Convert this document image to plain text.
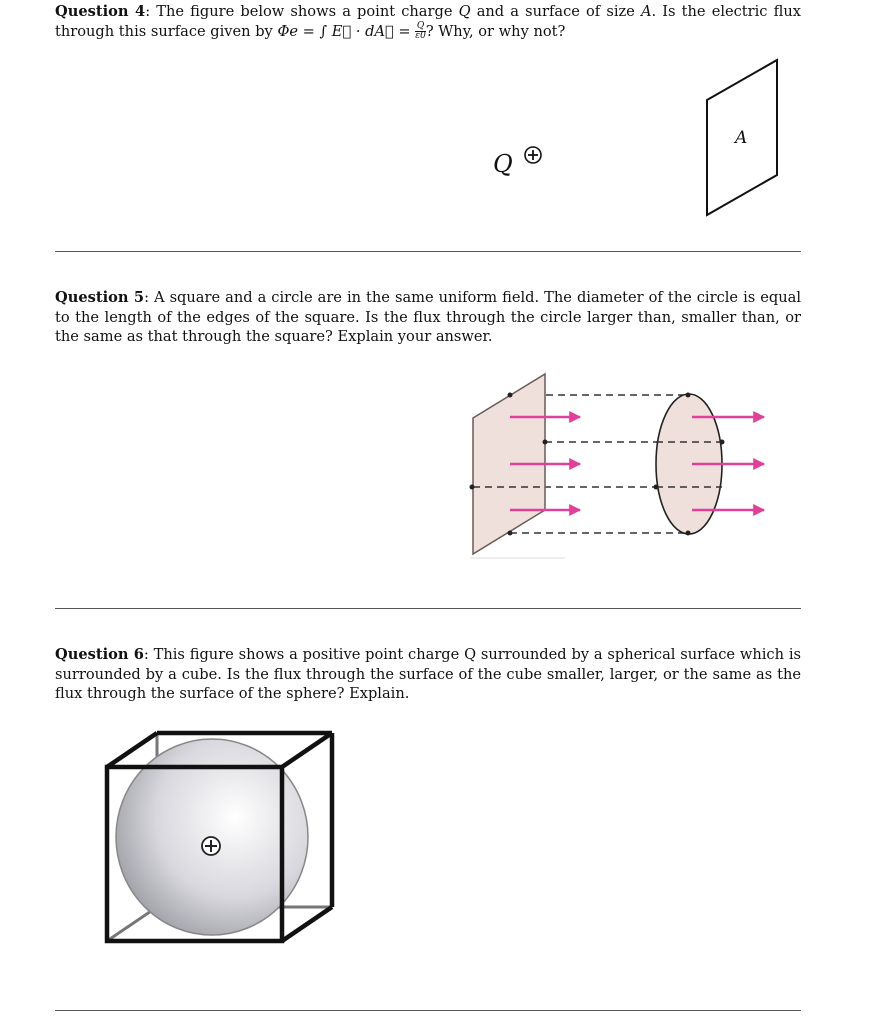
Question 4: The figure below shows a point charge Q and a surface of size A. Is the electric flux through this surface given by Φe = ∫ E⃗ · dA⃗ = $\frac{Q}{\varepsilon 0}$ ? Why, or why not?
Q
A
Question 5: A square and a circle are in the same uniform field. The diameter of the circle is equal to the length of the edges of the square. Is the flux through the circle larger than, smaller than, or the same as that through the square? Explain your answer.
Question 6: This figure shows a positive point charge Q surrounded by a spherical surface which is surrounded by a cube. Is the flux through the surface of the cube smaller, larger, or the same as the flux through the surface of the sphere? Explain.
